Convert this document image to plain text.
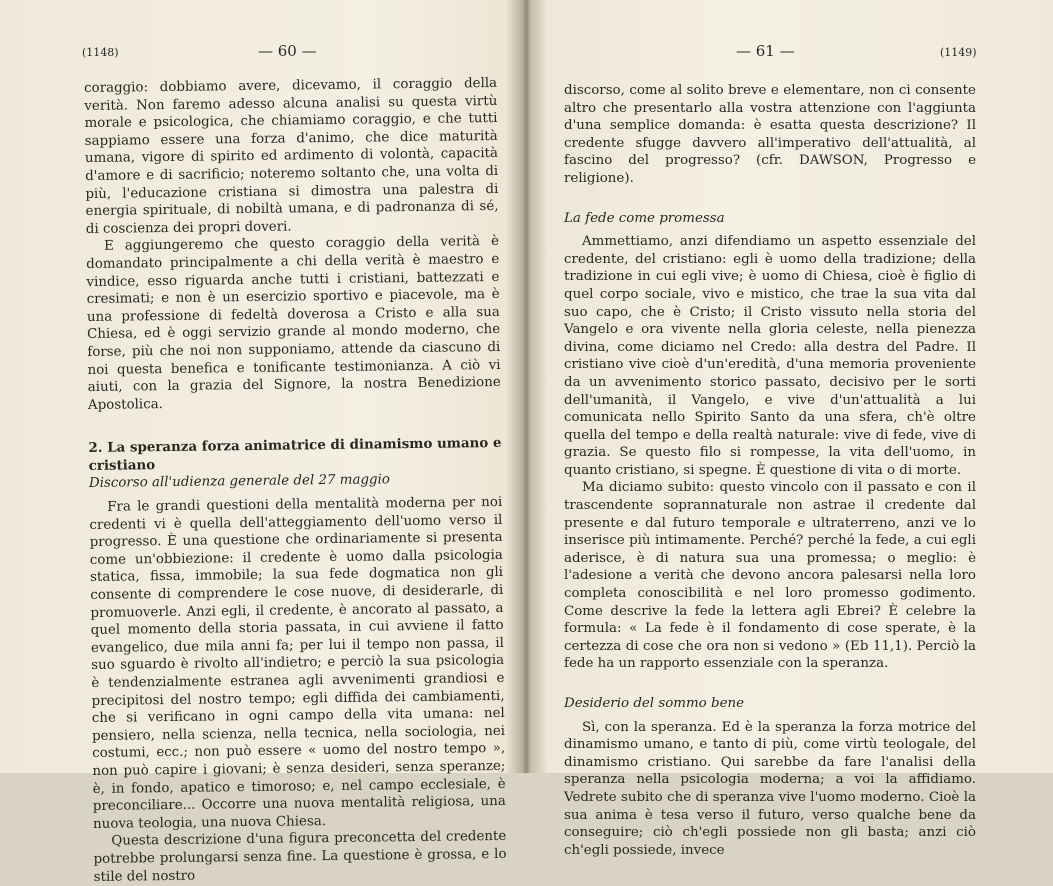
(1148)	— 60 —

coraggio: dobbiamo avere, dicevamo, il coraggio della verità. Non faremo adesso alcuna analisi su questa virtù morale e psicologica, che chiamiamo coraggio, e che tutti sappiamo essere una forza d'animo, che dice maturità umana, vigore di spirito ed ardimento di volontà, capacità d'amore e di sacrificio; noteremo soltanto che, una volta di più, l'educazione cristiana si dimostra una palestra di energia spirituale, di nobiltà umana, e di padronanza di sé, di coscienza dei propri doveri.

E aggiungeremo che questo coraggio della verità è domandato principalmente a chi della verità è maestro e vindice, esso riguarda anche tutti i cristiani, battezzati e cresimati; e non è un esercizio sportivo e piacevole, ma è una professione di fedeltà doverosa a Cristo e alla sua Chiesa, ed è oggi servizio grande al mondo moderno, che forse, più che noi non supponiamo, attende da ciascuno di noi questa benefica e tonificante testimonianza. A ciò vi aiuti, con la grazia del Signore, la nostra Benedizione Apostolica.

2. La speranza forza animatrice di dinamismo umano e cristiano
Discorso all'udienza generale del 27 maggio

Fra le grandi questioni della mentalità moderna per noi credenti vi è quella dell'atteggiamento dell'uomo verso il progresso. È una questione che ordinariamente si presenta come un'obbiezione: il credente è uomo dalla psicologia statica, fissa, immobile; la sua fede dogmatica non gli consente di comprendere le cose nuove, di desiderarle, di promuoverle. Anzi egli, il credente, è ancorato al passato, a quel momento della storia passata, in cui avviene il fatto evangelico, due mila anni fa; per lui il tempo non passa, il suo sguardo è rivolto all'indietro; e perciò la sua psicologia è tendenzialmente estranea agli avvenimenti grandiosi e precipitosi del nostro tempo; egli diffida dei cambiamenti, che si verificano in ogni campo della vita umana: nel pensiero, nella scienza, nella tecnica, nella sociologia, nei costumi, ecc.; non può essere « uomo del nostro tempo », non può capire i giovani; è senza desideri, senza speranze; è, in fondo, apatico e timoroso; e, nel campo ecclesiale, è preconciliare... Occorre una nuova mentalità religiosa, una nuova teologia, una nuova Chiesa.

Questa descrizione d'una figura preconcetta del credente potrebbe prolungarsi senza fine. La questione è grossa, e lo stile del nostro

— 61 —	(1149)

discorso, come al solito breve e elementare, non ci consente altro che presentarlo alla vostra attenzione con l'aggiunta d'una semplice domanda: è esatta questa descrizione? Il credente sfugge davvero all'imperativo dell'attualità, al fascino del progresso? (cfr. DAWSON, Progresso e religione).

La fede come promessa

Ammettiamo, anzi difendiamo un aspetto essenziale del credente, del cristiano: egli è uomo della tradizione; della tradizione in cui egli vive; è uomo di Chiesa, cioè è figlio di quel corpo sociale, vivo e mistico, che trae la sua vita dal suo capo, che è Cristo; il Cristo vissuto nella storia del Vangelo e ora vivente nella gloria celeste, nella pienezza divina, come diciamo nel Credo: alla destra del Padre. Il cristiano vive cioè d'un'eredità, d'una memoria proveniente da un avvenimento storico passato, decisivo per le sorti dell'umanità, il Vangelo, e vive d'un'attualità a lui comunicata nello Spirito Santo da una sfera, ch'è oltre quella del tempo e della realtà naturale: vive di fede, vive di grazia. Se questo filo si rompesse, la vita dell'uomo, in quanto cristiano, si spegne. È questione di vita o di morte.

Ma diciamo subito: questo vincolo con il passato e con il trascendente soprannaturale non astrae il credente dal presente e dal futuro temporale e ultraterreno, anzi ve lo inserisce più intimamente. Perché? perché la fede, a cui egli aderisce, è di natura sua una promessa; o meglio: è l'adesione a verità che devono ancora palesarsi nella loro completa conoscibilità e nel loro promesso godimento. Come descrive la fede la lettera agli Ebrei? È celebre la formula: « La fede è il fondamento di cose sperate, è la certezza di cose che ora non si vedono » (Eb 11,1). Perciò la fede ha un rapporto essenziale con la speranza.

Desiderio del sommo bene

Sì, con la speranza. Ed è la speranza la forza motrice del dinamismo umano, e tanto di più, come virtù teologale, del dinamismo cristiano. Qui sarebbe da fare l'analisi della speranza nella psicologia moderna; a voi la affidiamo. Vedrete subito che di speranza vive l'uomo moderno. Cioè la sua anima è tesa verso il futuro, verso qualche bene da conseguire; ciò ch'egli possiede non gli basta; anzi ciò ch'egli possiede, invece
